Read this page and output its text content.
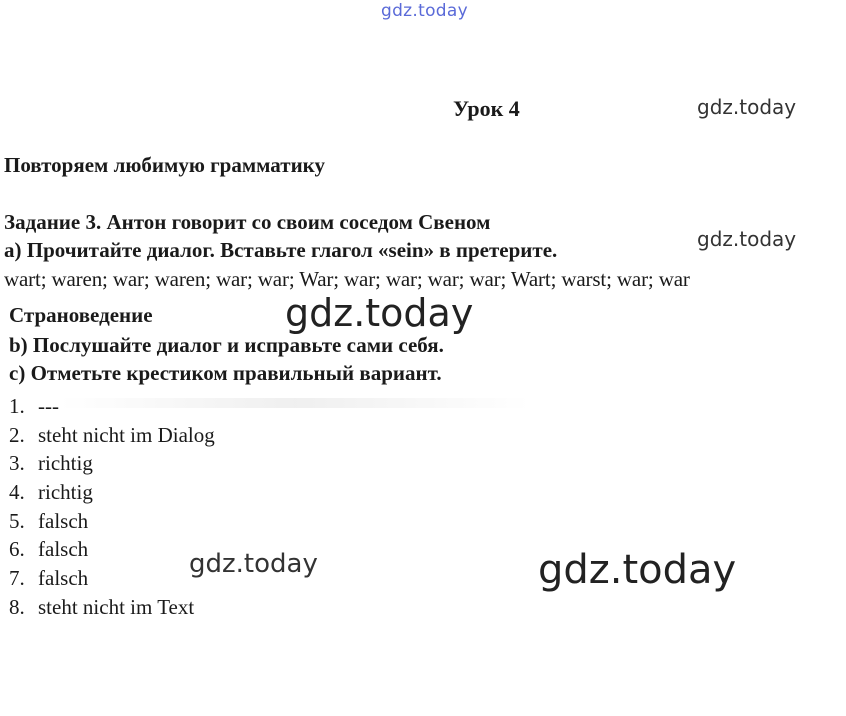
gdz.today
gdz.today
gdz.today
Урок 4
Повторяем любимую грамматику
Задание 3. Антон говорит со своим соседом Свеном
а) Прочитайте диалог. Вставьте глагол «sein» в претерите.
wart; waren; war; waren; war; war; War; war; war; war; war; Wart; warst; war; war
Страноведение
b) Послушайте диалог и исправьте сами себя.
с) Отметьте крестиком правильный вариант.
gdz.today
1. ---
2. steht nicht im Dialog
3. richtig
4. richtig
5. falsch
6. falsch
7. falsch
8. steht nicht im Text
gdz.today	gdz.today
